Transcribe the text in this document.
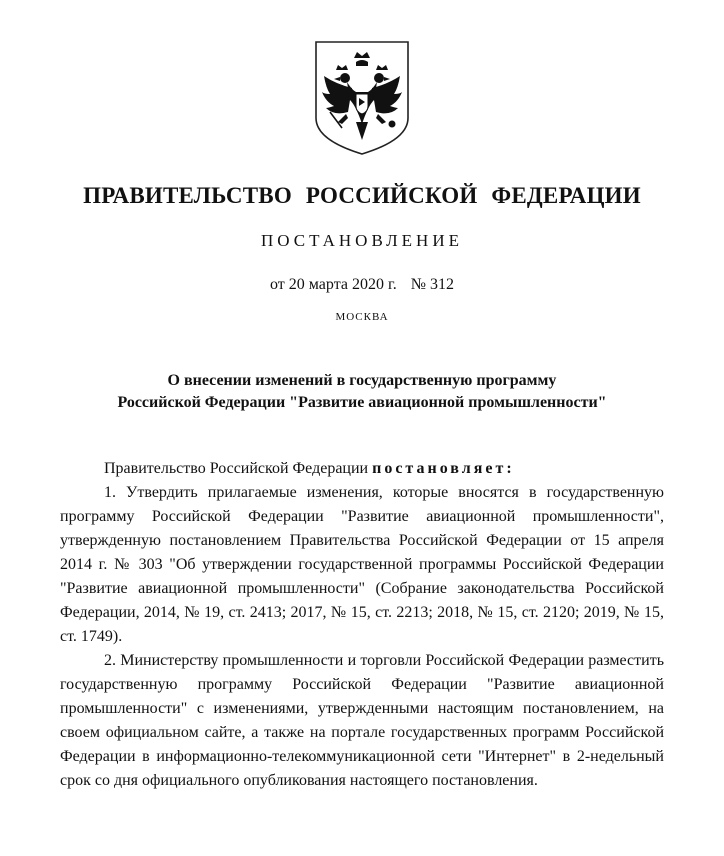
ПРАВИТЕЛЬСТВО РОССИЙСКОЙ ФЕДЕРАЦИИ
ПОСТАНОВЛЕНИЕ
от 20 марта 2020 г. № 312
МОСКВА
О внесении изменений в государственную программу
Российской Федерации "Развитие авиационной промышленности"

Правительство Российской Федерации постановляет:

1. Утвердить прилагаемые изменения, которые вносятся в государственную программу Российской Федерации "Развитие авиационной промышленности", утвержденную постановлением Правительства Российской Федерации от 15 апреля 2014 г. № 303 "Об утверждении государственной программы Российской Федерации "Развитие авиационной промышленности" (Собрание законодательства Российской Федерации, 2014, № 19, ст. 2413; 2017, № 15, ст. 2213; 2018, № 15, ст. 2120; 2019, № 15, ст. 1749).

2. Министерству промышленности и торговли Российской Федерации разместить государственную программу Российской Федерации "Развитие авиационной промышленности" с изменениями, утвержденными настоящим постановлением, на своем официальном сайте, а также на портале государственных программ Российской Федерации в информационно-телекоммуникационной сети "Интернет" в 2-недельный срок со дня официального опубликования настоящего постановления.
